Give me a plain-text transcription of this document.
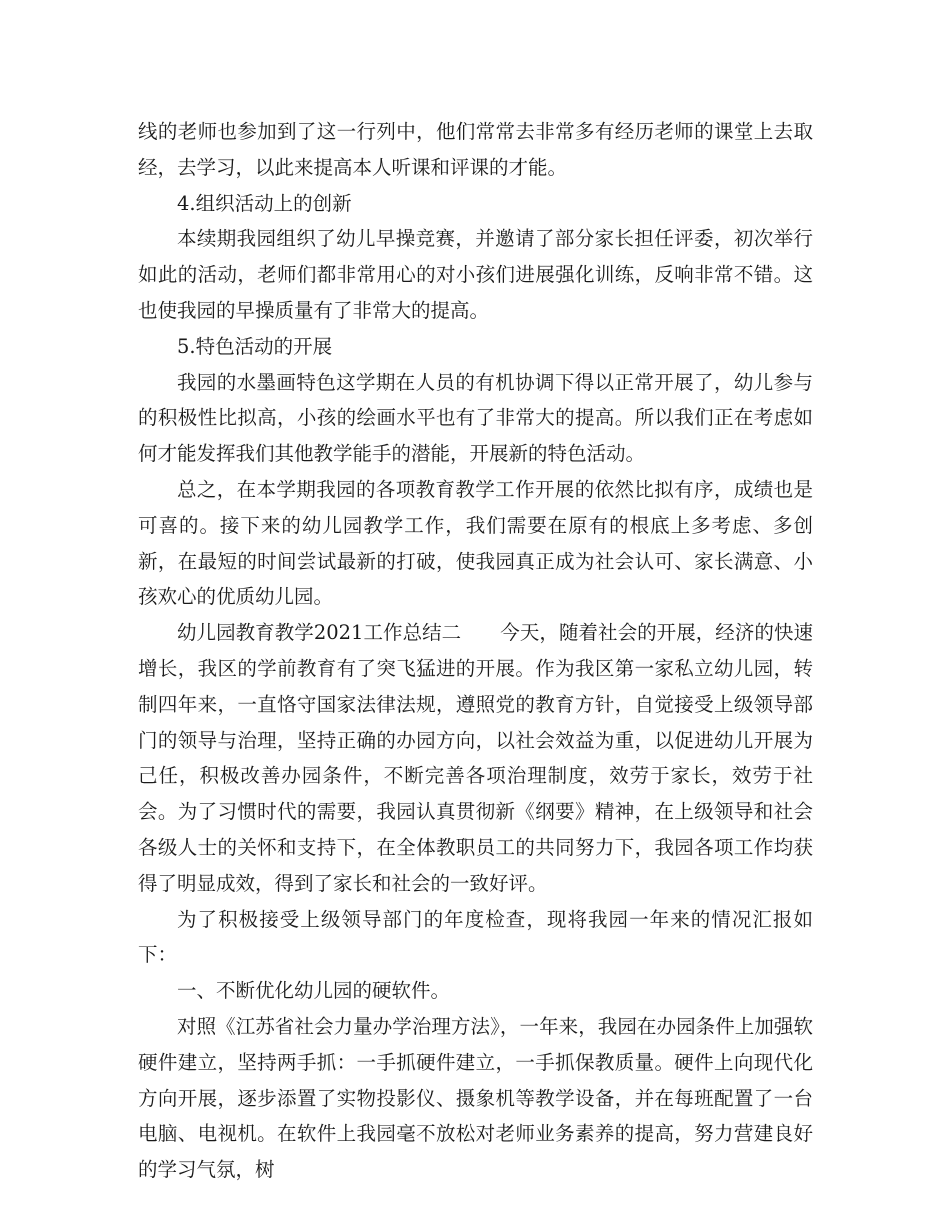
线的老师也参加到了这一行列中，他们常常去非常多有经历老师的课堂上去取经，去学习，以此来提高本人听课和评课的才能。

4.组织活动上的创新

本续期我园组织了幼儿早操竞赛，并邀请了部分家长担任评委，初次举行如此的活动，老师们都非常用心的对小孩们进展强化训练，反响非常不错。这也使我园的早操质量有了非常大的提高。

5.特色活动的开展

我园的水墨画特色这学期在人员的有机协调下得以正常开展了，幼儿参与的积极性比拟高，小孩的绘画水平也有了非常大的提高。所以我们正在考虑如何才能发挥我们其他教学能手的潜能，开展新的特色活动。

总之，在本学期我园的各项教育教学工作开展的依然比拟有序，成绩也是可喜的。接下来的幼儿园教学工作，我们需要在原有的根底上多考虑、多创新，在最短的时间尝试最新的打破，使我园真正成为社会认可、家长满意、小孩欢心的优质幼儿园。

幼儿园教育教学2021工作总结二　　今天，随着社会的开展，经济的快速增长，我区的学前教育有了突飞猛进的开展。作为我区第一家私立幼儿园，转制四年来，一直恪守国家法律法规，遵照党的教育方针，自觉接受上级领导部门的领导与治理，坚持正确的办园方向，以社会效益为重，以促进幼儿开展为己任，积极改善办园条件，不断完善各项治理制度，效劳于家长，效劳于社会。为了习惯时代的需要，我园认真贯彻新《纲要》精神，在上级领导和社会各级人士的关怀和支持下，在全体教职员工的共同努力下，我园各项工作均获得了明显成效，得到了家长和社会的一致好评。

为了积极接受上级领导部门的年度检查，现将我园一年来的情况汇报如下：

一、不断优化幼儿园的硬软件。

对照《江苏省社会力量办学治理方法》，一年来，我园在办园条件上加强软硬件建立，坚持两手抓：一手抓硬件建立，一手抓保教质量。硬件上向现代化方向开展，逐步添置了实物投影仪、摄象机等教学设备，并在每班配置了一台电脑、电视机。在软件上我园毫不放松对老师业务素养的提高，努力营建良好的学习气氛，树
